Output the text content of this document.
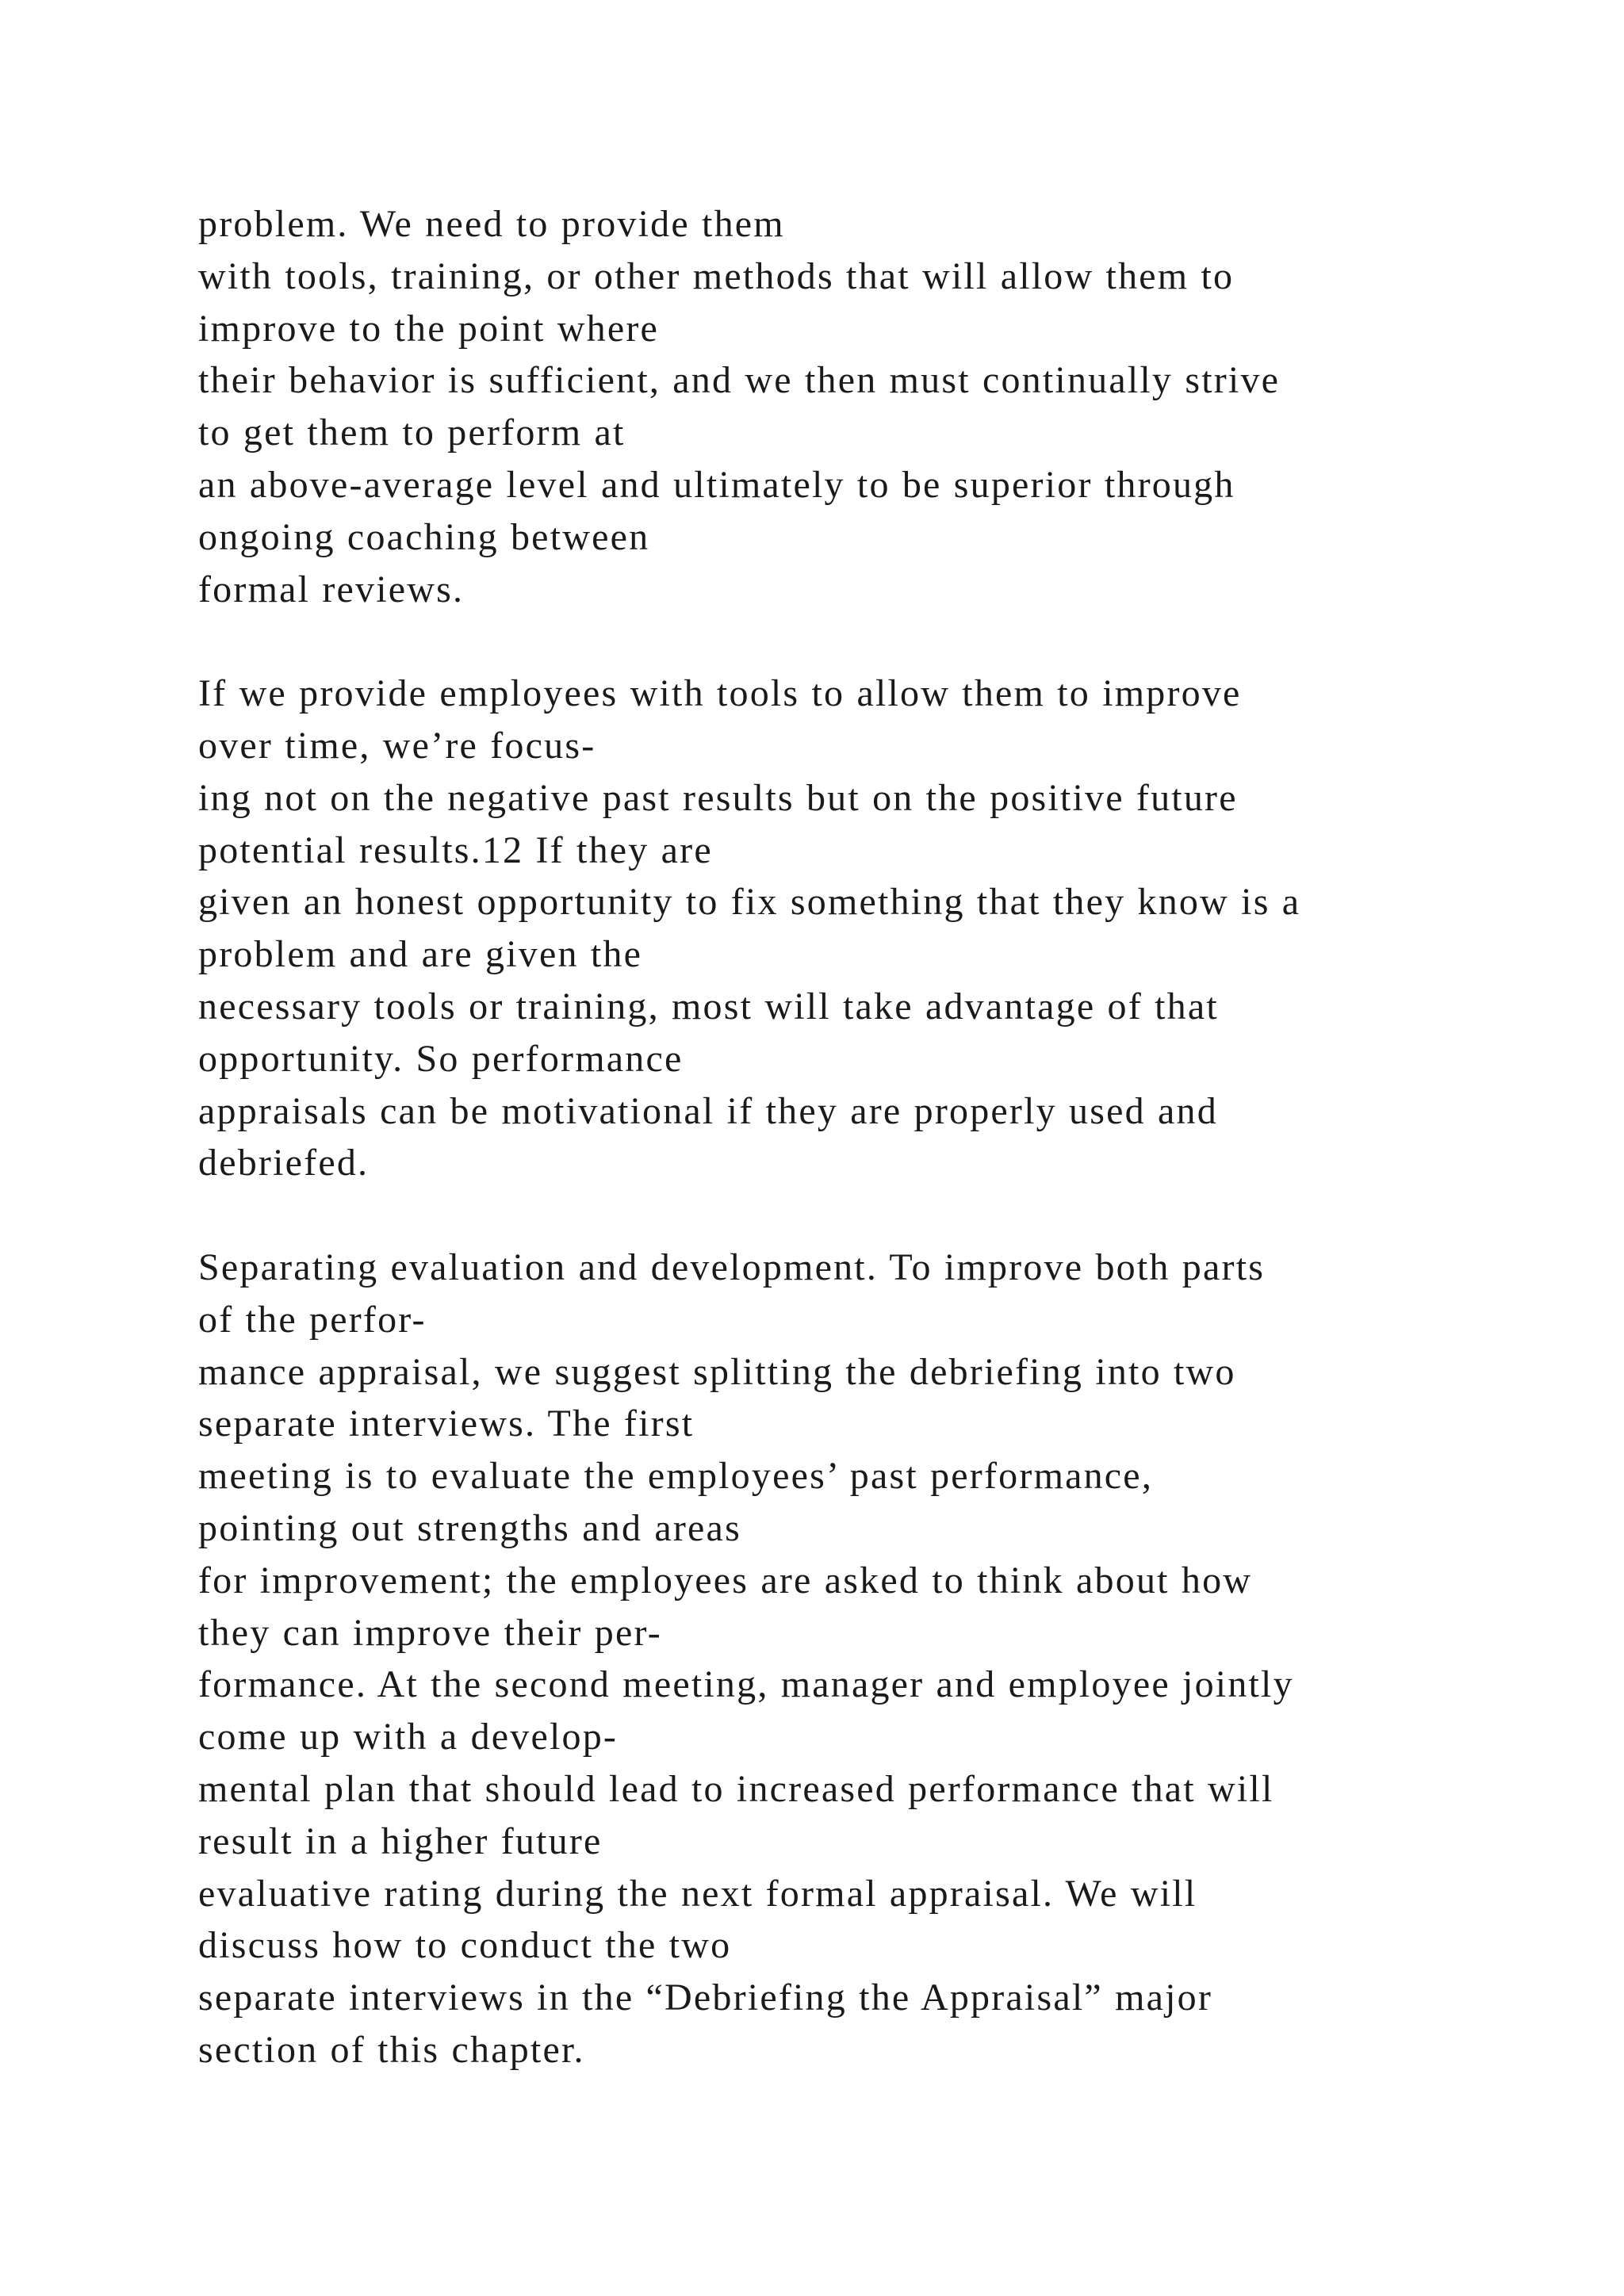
problem. We need to provide them
with tools, training, or other methods that will allow them to
improve to the point where
their behavior is sufficient, and we then must continually strive
to get them to perform at
an above-average level and ultimately to be superior through
ongoing coaching between
formal reviews.
If we provide employees with tools to allow them to improve
over time, we’re focus-
ing not on the negative past results but on the positive future
potential results.12 If they are
given an honest opportunity to fix something that they know is a
problem and are given the
necessary tools or training, most will take advantage of that
opportunity. So performance
appraisals can be motivational if they are properly used and
debriefed.
Separating evaluation and development. To improve both parts
of the perfor-
mance appraisal, we suggest splitting the debriefing into two
separate interviews. The first
meeting is to evaluate the employees’ past performance,
pointing out strengths and areas
for improvement; the employees are asked to think about how
they can improve their per-
formance. At the second meeting, manager and employee jointly
come up with a develop-
mental plan that should lead to increased performance that will
result in a higher future
evaluative rating during the next formal appraisal. We will
discuss how to conduct the two
separate interviews in the “Debriefing the Appraisal” major
section of this chapter.
